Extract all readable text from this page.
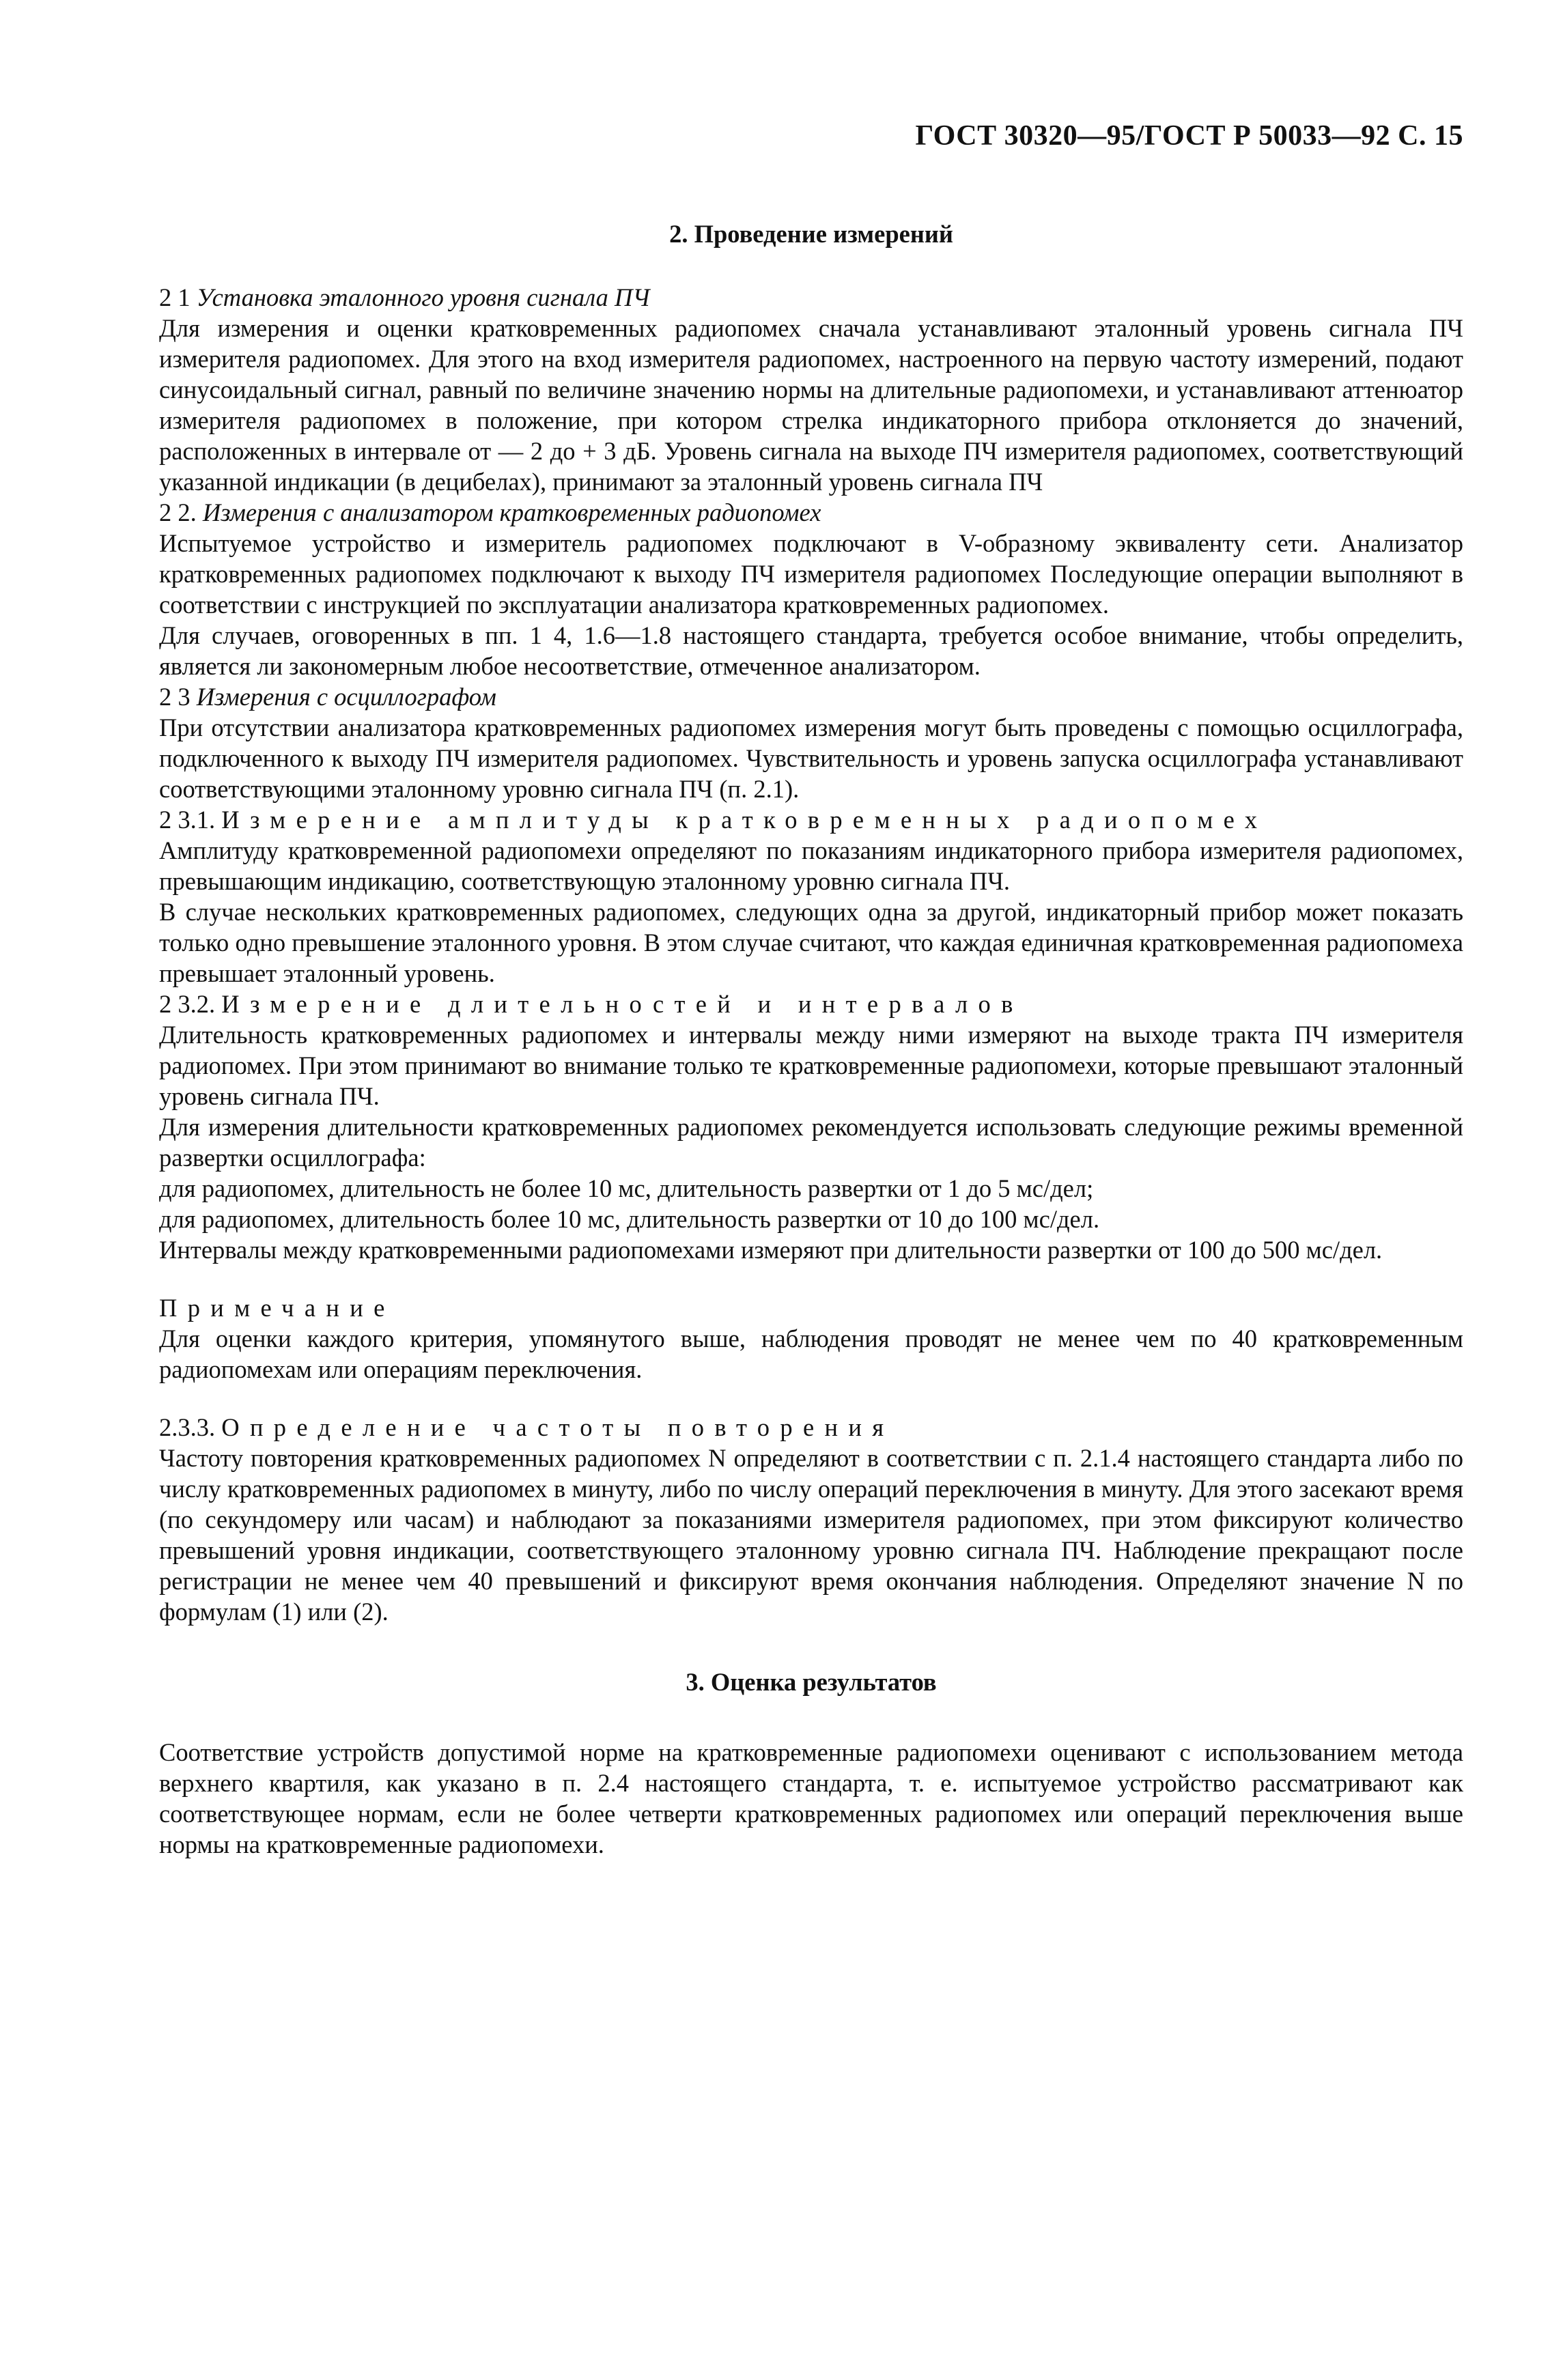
ГОСТ 30320—95/ГОСТ Р 50033—92 С. 15

2. Проведение измерений

2 1 Установка эталонного уровня сигнала ПЧ

Для измерения и оценки кратковременных радиопомех сначала устанавливают эталонный уровень сигнала ПЧ измерителя радиопомех. Для этого на вход измерителя радиопомех, настроенного на первую частоту измерений, подают синусоидальный сигнал, равный по величине значению нормы на длительные радиопомехи, и устанавливают аттенюатор измерителя радиопомех в положение, при котором стрелка индикаторного прибора отклоняется до значений, расположенных в интервале от — 2 до + 3 дБ. Уровень сигнала на выходе ПЧ измерителя радиопомех, соответствующий указанной индикации (в децибелах), принимают за эталонный уровень сигнала ПЧ

2 2. Измерения с анализатором кратковременных радиопомех

Испытуемое устройство и измеритель радиопомех подключают в V-образному эквиваленту сети. Анализатор кратковременных радиопомех подключают к выходу ПЧ измерителя радиопомех Последующие операции выполняют в соответствии с инструкцией по эксплуатации анализатора кратковременных радиопомех.

Для случаев, оговоренных в пп. 1 4, 1.6—1.8 настоящего стандарта, требуется особое внимание, чтобы определить, является ли закономерным любое несоответствие, отмеченное анализатором.

2 3 Измерения с осциллографом

При отсутствии анализатора кратковременных радиопомех измерения могут быть проведены с помощью осциллографа, подключенного к выходу ПЧ измерителя радиопомех. Чувствительность и уровень запуска осциллографа устанавливают соответствующими эталонному уровню сигнала ПЧ (п. 2.1).

2 3.1. Измерение амплитуды кратковременных радиопомех

Амплитуду кратковременной радиопомехи определяют по показаниям индикаторного прибора измерителя радиопомех, превышающим индикацию, соответствующую эталонному уровню сигнала ПЧ.

В случае нескольких кратковременных радиопомех, следующих одна за другой, индикаторный прибор может показать только одно превышение эталонного уровня. В этом случае считают, что каждая единичная кратковременная радиопомеха превышает эталонный уровень.

2 3.2. Измерение длительностей и интервалов

Длительность кратковременных радиопомех и интервалы между ними измеряют на выходе тракта ПЧ измерителя радиопомех. При этом принимают во внимание только те кратковременные радиопомехи, которые превышают эталонный уровень сигнала ПЧ.

Для измерения длительности кратковременных радиопомех рекомендуется использовать следующие режимы временной развертки осциллографа:

для радиопомех, длительность не более 10 мс, длительность развертки от 1 до 5 мс/дел;

для радиопомех, длительность более 10 мс, длительность развертки от 10 до 100 мс/дел.

Интервалы между кратковременными радиопомехами измеряют при длительности развертки от 100 до 500 мс/дел.

Примечание

Для оценки каждого критерия, упомянутого выше, наблюдения проводят не менее чем по 40 кратковременным радиопомехам или операциям переключения.

2.3.3. Определение частоты повторения

Частоту повторения кратковременных радиопомех N определяют в соответствии с п. 2.1.4 настоящего стандарта либо по числу кратковременных радиопомех в минуту, либо по числу операций переключения в минуту. Для этого засекают время (по секундомеру или часам) и наблюдают за показаниями измерителя радиопомех, при этом фиксируют количество превышений уровня индикации, соответствующего эталонному уровню сигнала ПЧ. Наблюдение прекращают после регистрации не менее чем 40 превышений и фиксируют время окончания наблюдения. Определяют значение N по формулам (1) или (2).

3. Оценка результатов

Соответствие устройств допустимой норме на кратковременные радиопомехи оценивают с использованием метода верхнего квартиля, как указано в п. 2.4 настоящего стандарта, т. е. испытуемое устройство рассматривают как соответствующее нормам, если не более четверти кратковременных радиопомех или операций переключения выше нормы на кратковременные радиопомехи.
